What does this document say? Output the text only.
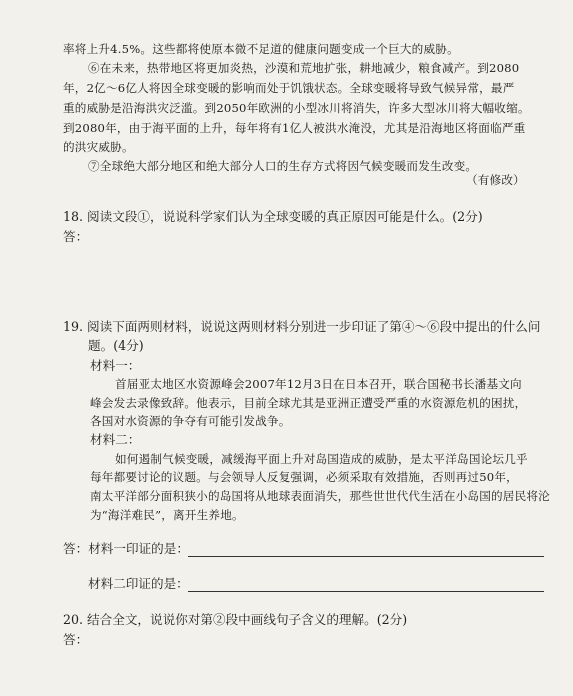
率将上升4.5%。这些都将使原本微不足道的健康问题变成一个巨大的威胁。
⑥在未来，热带地区将更加炎热，沙漠和荒地扩张，耕地减少，粮食减产。到2080
年，2亿～6亿人将因全球变暖的影响而处于饥饿状态。全球变暖将导致气候异常，最严
重的威胁是沿海洪灾泛滥。到2050年欧洲的小型冰川将消失，许多大型冰川将大幅收缩。
到2080年，由于海平面的上升，每年将有1亿人被洪水淹没，尤其是沿海地区将面临严重
的洪灾威胁。
⑦全球绝大部分地区和绝大部分人口的生存方式将因气候变暖而发生改变。
（有修改）
18. 阅读文段①，说说科学家们认为全球变暖的真正原因可能是什么。(2分)
答：
19. 阅读下面两则材料，说说这两则材料分别进一步印证了第④～⑥段中提出的什么问
题。(4分)
材料一：
首届亚太地区水资源峰会2007年12月3日在日本召开，联合国秘书长潘基文向
峰会发去录像致辞。他表示，目前全球尤其是亚洲正遭受严重的水资源危机的困扰，
各国对水资源的争夺有可能引发战争。
材料二：
如何遏制气候变暖，减缓海平面上升对岛国造成的威胁，是太平洋岛国论坛几乎
每年都要讨论的议题。与会领导人反复强调，必须采取有效措施，否则再过50年，
南太平洋部分面积狭小的岛国将从地球表面消失，那些世世代代生活在小岛国的居民将沦
为“海洋难民”，离开生养地。
答：材料一印证的是：
材料二印证的是：
20. 结合全文，说说你对第②段中画线句子含义的理解。(2分)
答：
